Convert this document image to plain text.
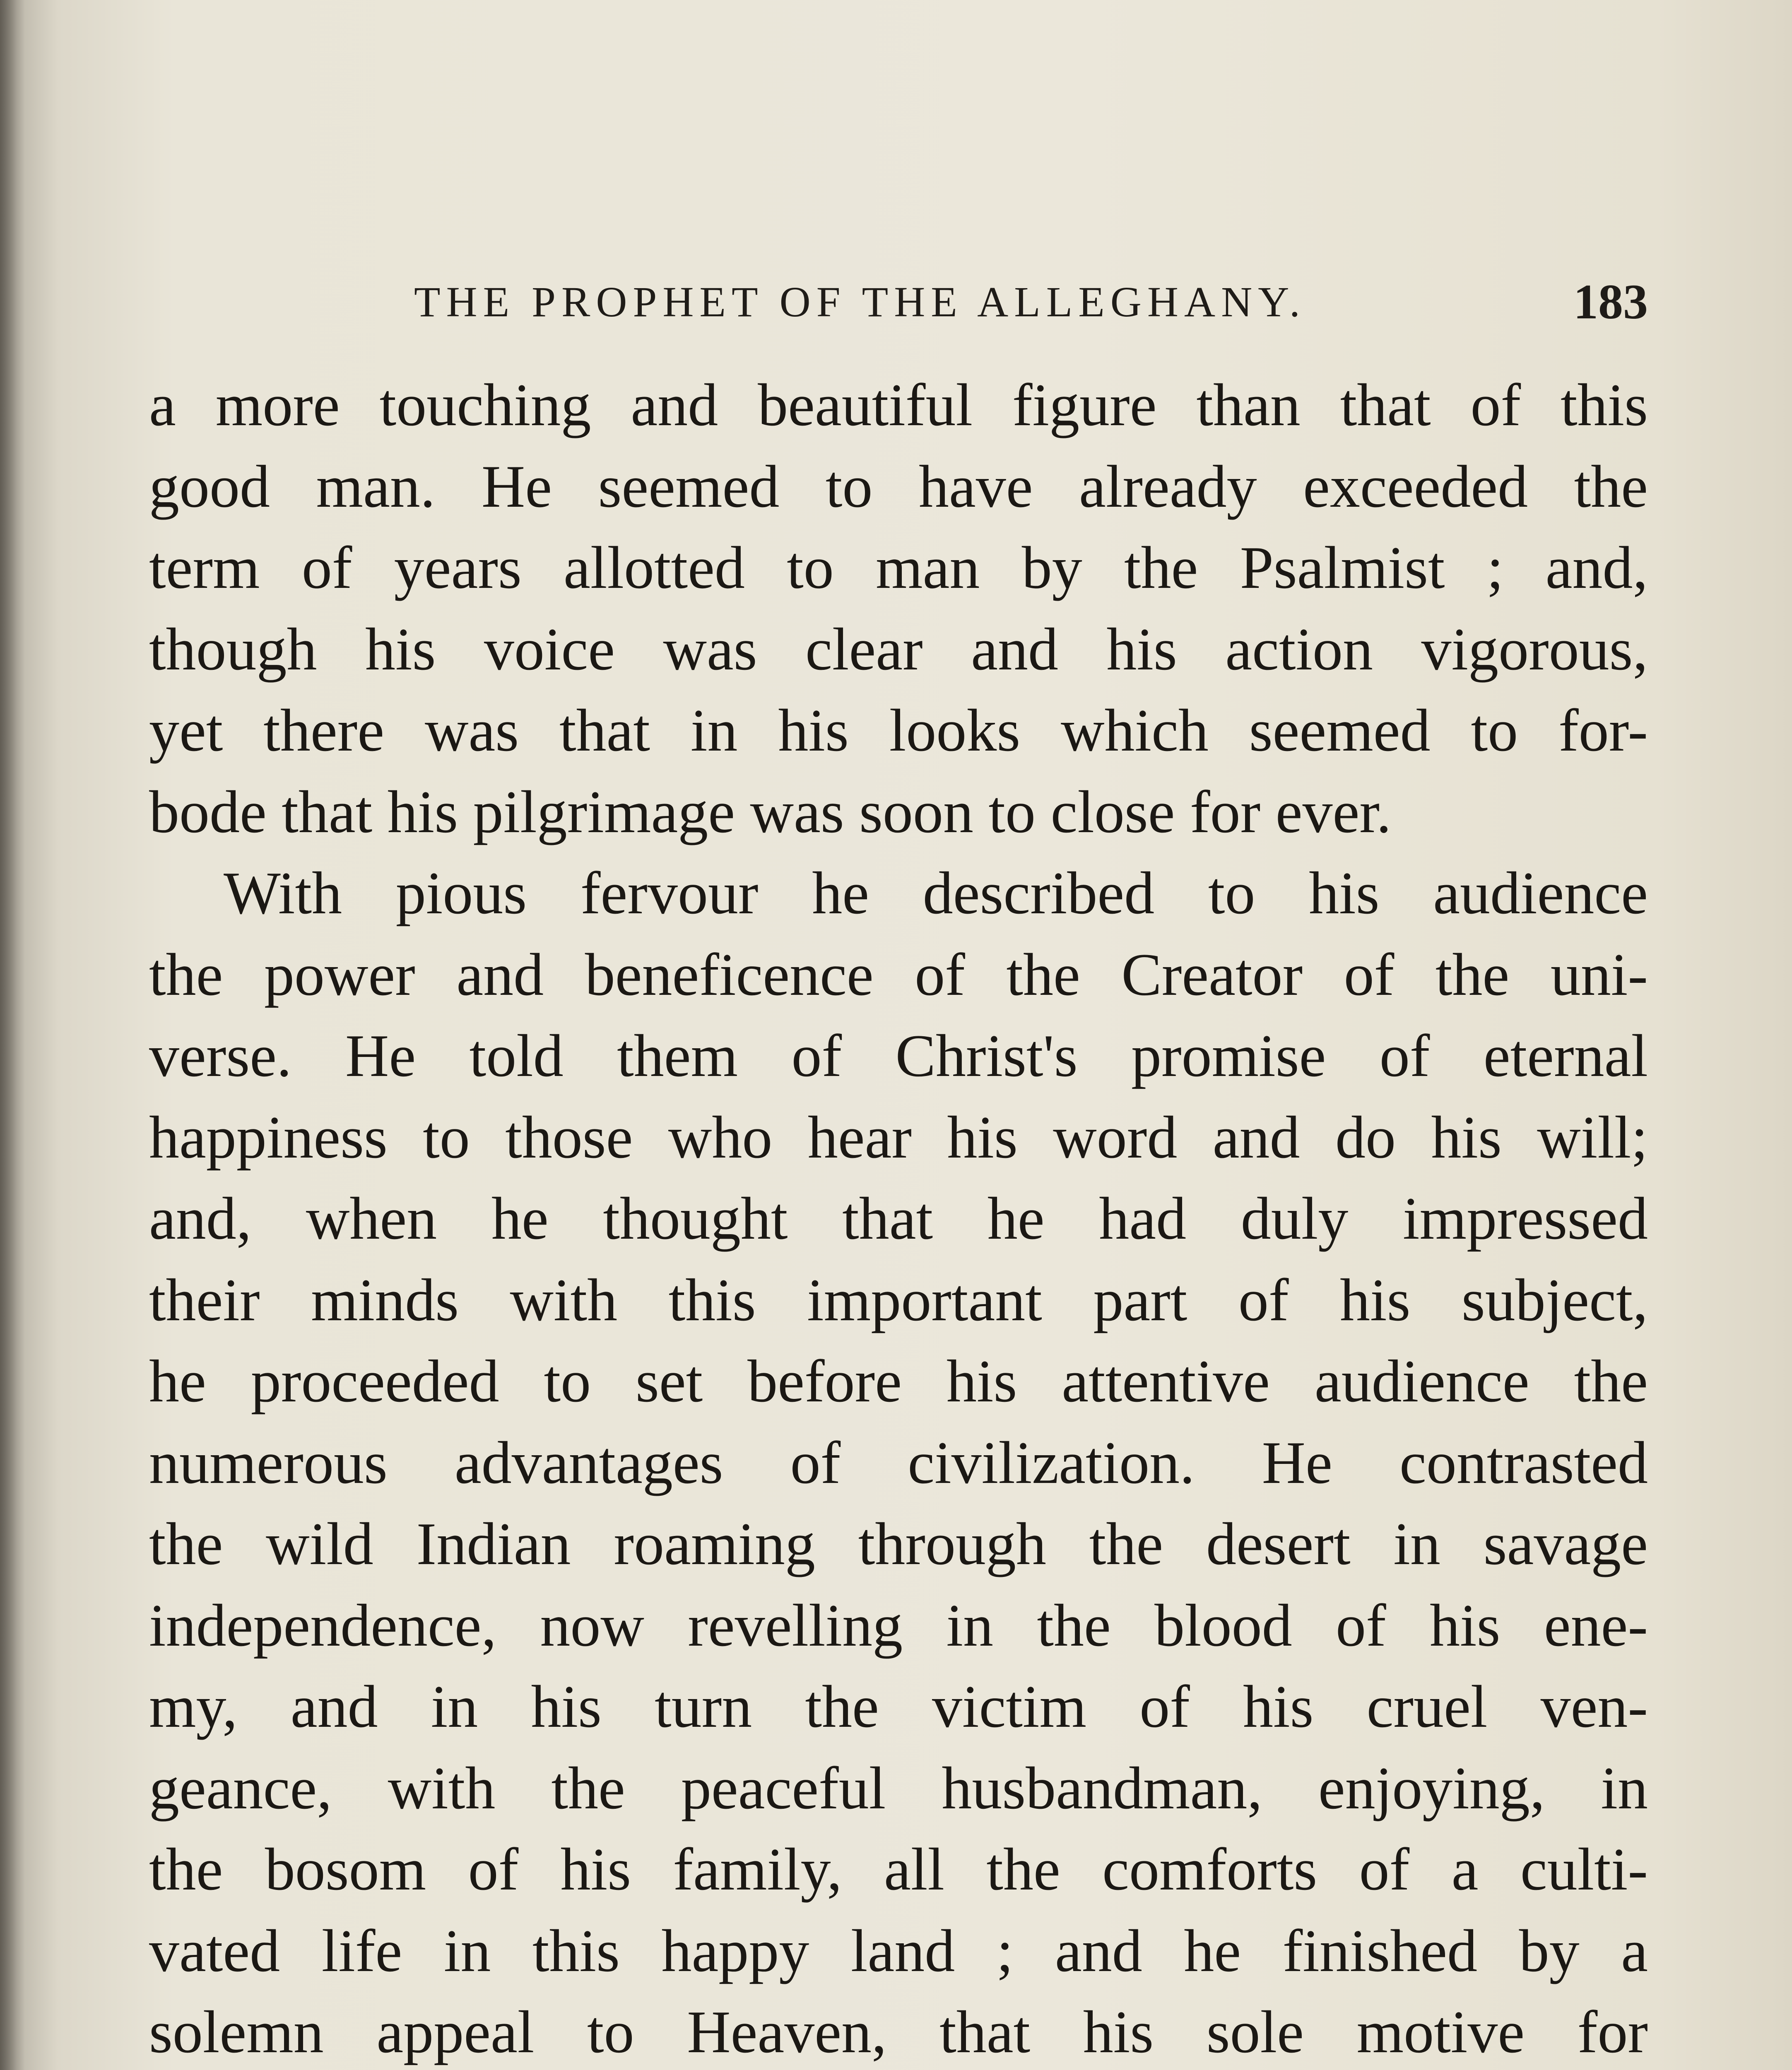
THE PROPHET OF THE ALLEGHANY.	183
a more touching and beautiful figure than that of this
good man. He seemed to have already exceeded the
term of years allotted to man by the Psalmist ; and,
though his voice was clear and his action vigorous,
yet there was that in his looks which seemed to for-
bode that his pilgrimage was soon to close for ever.
With pious fervour he described to his audience
the power and beneficence of the Creator of the uni-
verse. He told them of Christ's promise of eternal
happiness to those who hear his word and do his will;
and, when he thought that he had duly impressed
their minds with this important part of his subject,
he proceeded to set before his attentive audience the
numerous advantages of civilization. He contrasted
the wild Indian roaming through the desert in savage
independence, now revelling in the blood of his ene-
my, and in his turn the victim of his cruel ven-
geance, with the peaceful husbandman, enjoying, in
the bosom of his family, all the comforts of a culti-
vated life in this happy land ; and he finished by a
solemn appeal to Heaven, that his sole motive for
